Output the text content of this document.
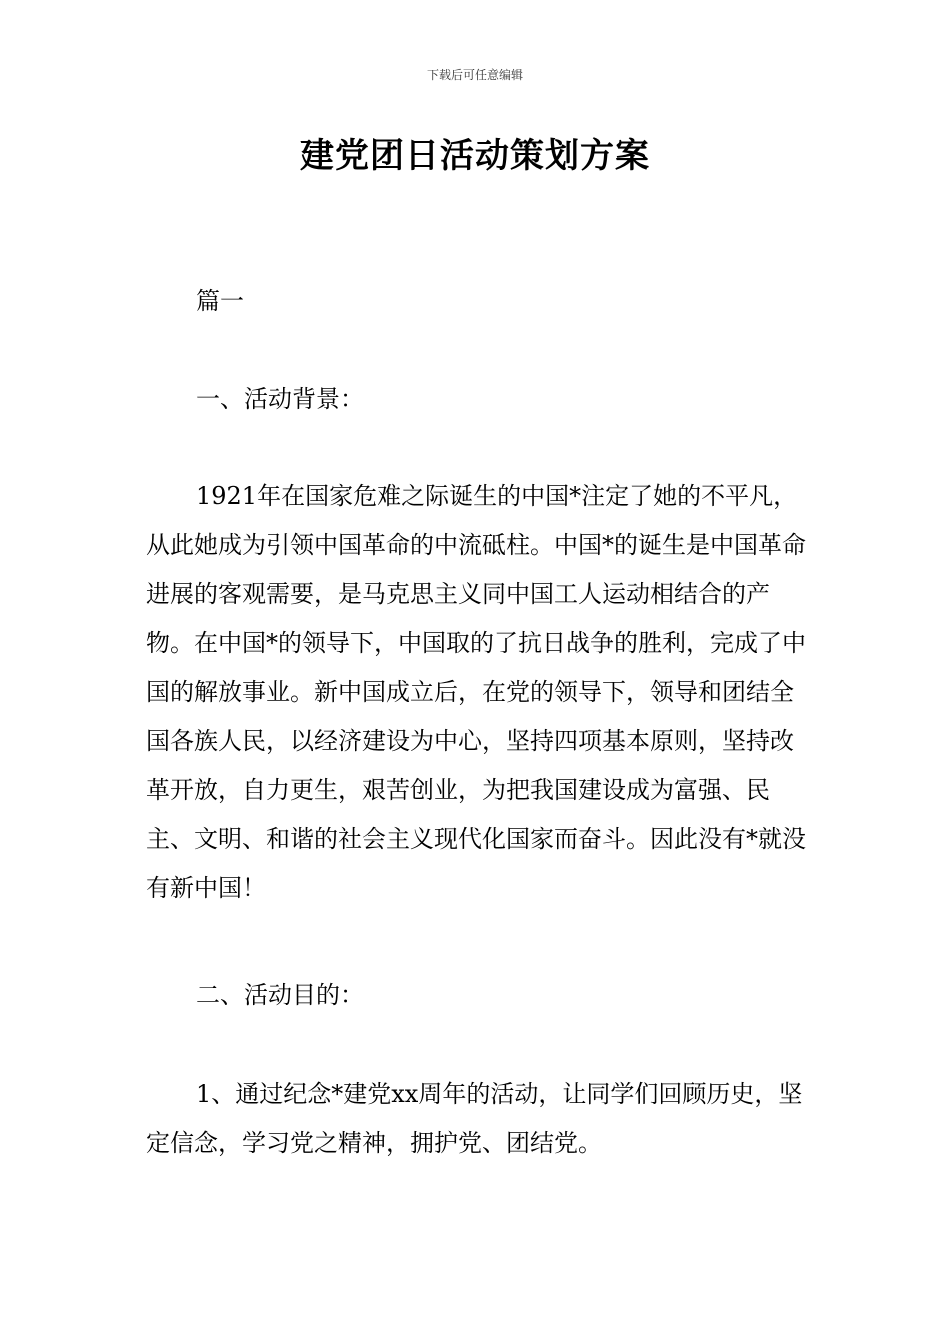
下载后可任意编辑
建党团日活动策划方案

篇一

一、活动背景：

1921年在国家危难之际诞生的中国*注定了她的不平凡，从此她成为引领中国革命的中流砥柱。中国*的诞生是中国革命进展的客观需要，是马克思主义同中国工人运动相结合的产物。在中国*的领导下，中国取的了抗日战争的胜利，完成了中国的解放事业。新中国成立后，在党的领导下，领导和团结全国各族人民，以经济建设为中心，坚持四项基本原则，坚持改革开放，自力更生，艰苦创业，为把我国建设成为富强、民主、文明、和谐的社会主义现代化国家而奋斗。因此没有*就没有新中国！

二、活动目的：

1、通过纪念*建党xx周年的活动，让同学们回顾历史，坚定信念，学习党之精神，拥护党、团结党。
